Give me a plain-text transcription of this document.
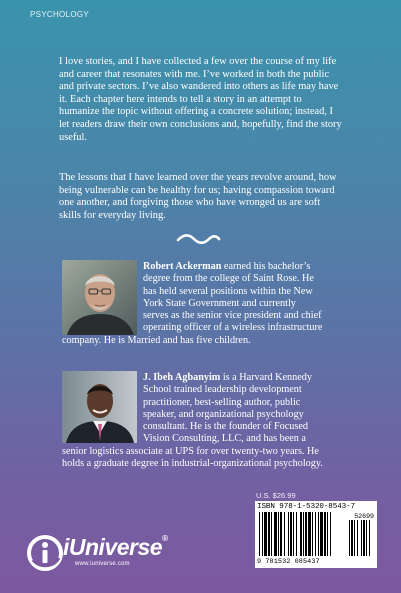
PSYCHOLOGY
I love stories, and I have collected a few over the course of my life and career that resonates with me. I’ve worked in both the public and private sectors. I’ve also wandered into others as life may have it. Each chapter here intends to tell a story in an attempt to humanize the topic without offering a concrete solution; instead, I let readers draw their own conclusions and, hopefully, find the story useful.
The lessons that I have learned over the years revolve around, how being vulnerable can be healthy for us; having compassion toward one another, and forgiving those who have wronged us are soft skills for everyday living.
Robert Ackerman earned his bachelor’s
degree from the college of Saint Rose. He
has held several positions within the New
York State Government and currently
serves as the senior vice president and chief
operating officer of a wireless infrastructure
company. He is Married and has five children.
J. Ibeh Agbanyim is a Harvard Kennedy
School trained leadership development
practitioner, best-selling author, public
speaker, and organizational psychology
consultant. He is the founder of Focused
Vision Consulting, LLC, and has been a
senior logistics associate at UPS for over twenty-two years. He
holds a graduate degree in industrial-organizational psychology.
U.S. $26.99
ISBN 978-1-5320-8543-7
52699
9 781532 085437
iUniverse®
www.iuniverse.com
